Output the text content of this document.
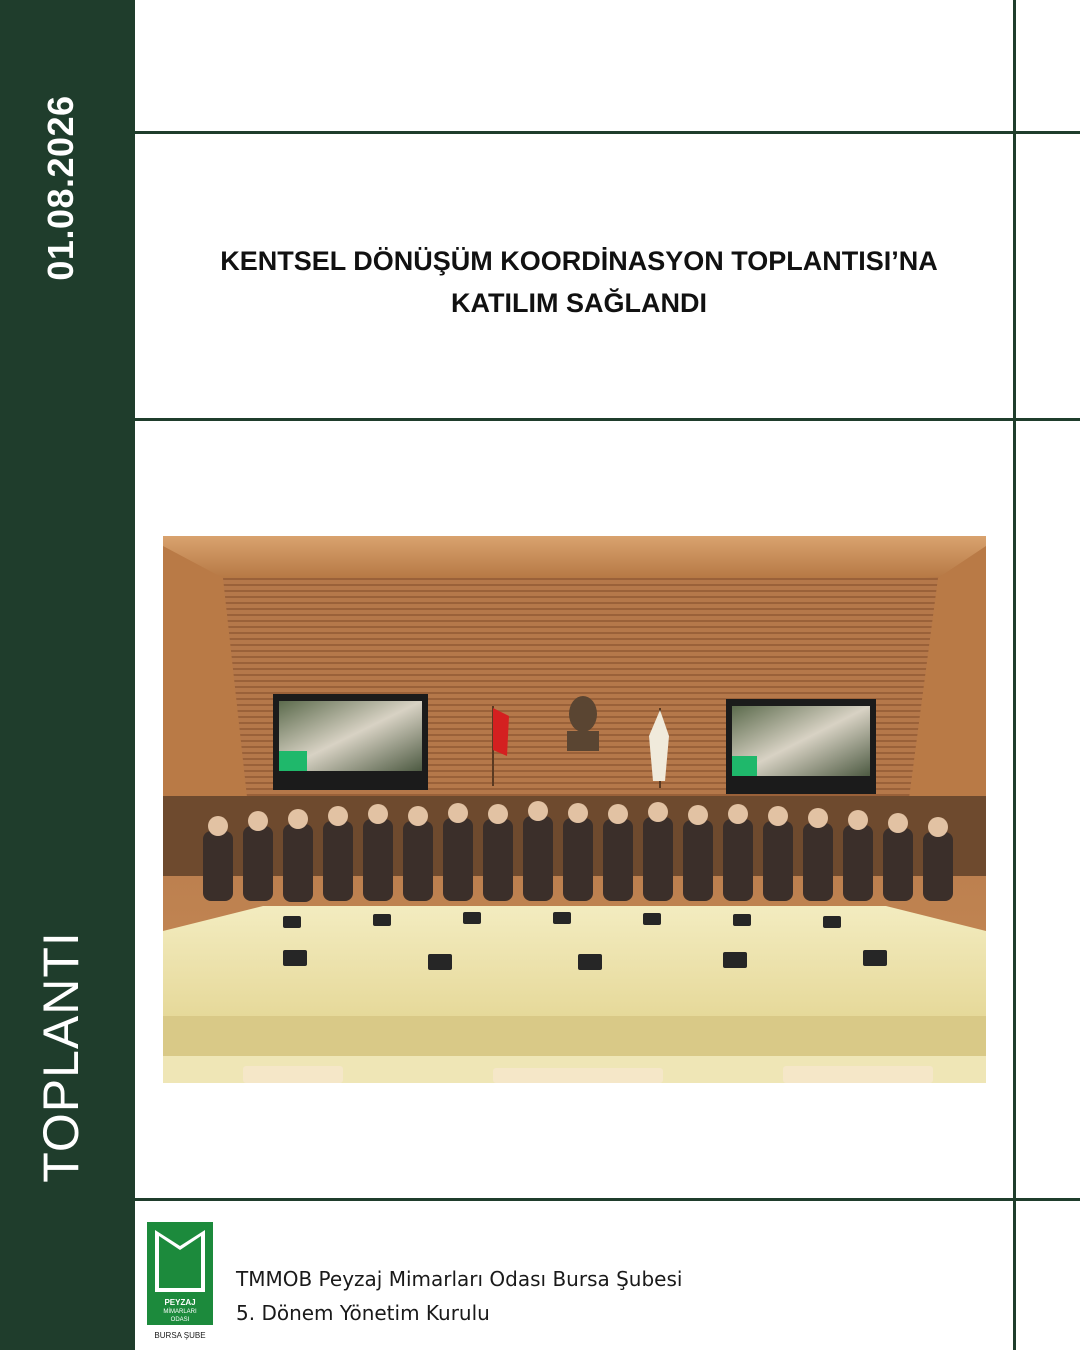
01.08.2026
TOPLANTI
KENTSEL DÖNÜŞÜM KOORDİNASYON TOPLANTISI’NA
KATILIM SAĞLANDI
PEYZAJ
MİMARLARI
ODASI
BURSA ŞUBE
TMMOB Peyzaj Mimarları Odası Bursa Şubesi
5. Dönem Yönetim Kurulu
